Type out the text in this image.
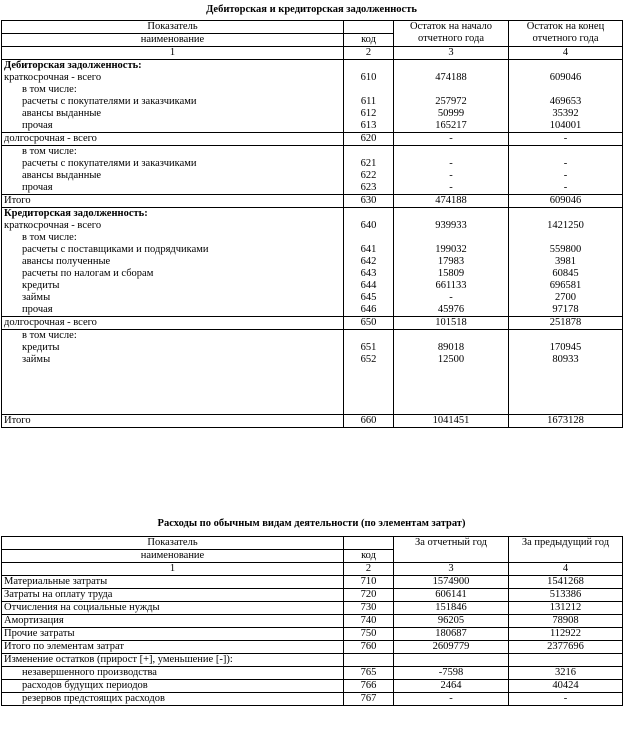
Дебиторская и кредиторская задолженность
Показатель		Остаток на начало отчетного года	Остаток на конец отчетного года
наименование	код		
1	2	3	4
Дебиторская задолженность:			
краткосрочная - всего	610	474188	609046
в том числе:			
расчеты с покупателями и заказчиками	611	257972	469653
авансы выданные	612	50999	35392
прочая	613	165217	104001
долгосрочная - всего	620	-	-
в том числе:			
расчеты с покупателями и заказчиками	621	-	-
авансы выданные	622	-	-
прочая	623	-	-
Итого	630	474188	609046
Кредиторская задолженность:			
краткосрочная - всего	640	939933	1421250
в том числе:			
расчеты с поставщиками и подрядчиками	641	199032	559800
авансы полученные	642	17983	3981
расчеты по налогам и сборам	643	15809	60845
кредиты	644	661133	696581
займы	645	-	2700
прочая	646	45976	97178
долгосрочная - всего	650	101518	251878
в том числе:			
кредиты	651	89018	170945
займы	652	12500	80933

Итого	660	1041451	1673128
Расходы по обычным видам деятельности (по элементам затрат)
Показатель		За отчетный год	За предыдущий год
наименование	код		
1	2	3	4
Материальные затраты	710	1574900	1541268
Затраты на оплату труда	720	606141	513386
Отчисления на социальные нужды	730	151846	131212
Амортизация	740	96205	78908
Прочие затраты	750	180687	112922
Итого по элементам затрат	760	2609779	2377696
Изменение остатков (прирост [+], уменьшение [-]):			
незавершенного производства	765	-7598	3216
расходов будущих периодов	766	2464	40424
резервов предстоящих расходов	767	-	-
